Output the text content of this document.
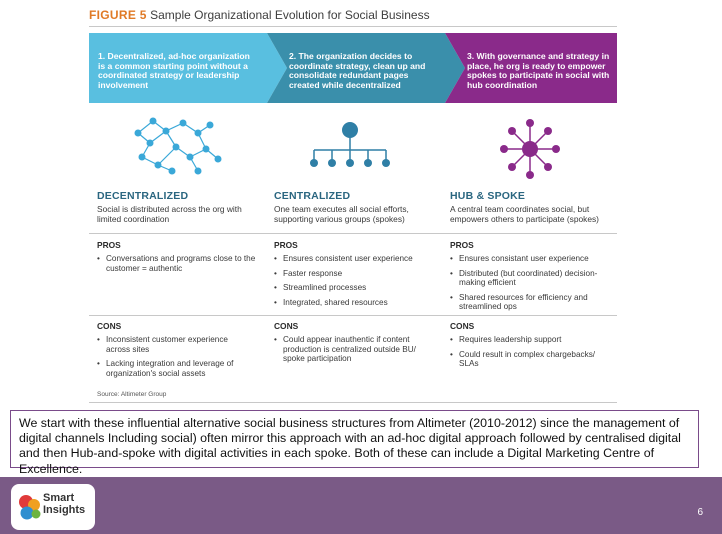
FIGURE 5 Sample Organizational Evolution for Social Business
1. Decentralized, ad-hoc organization is a common starting point without a coordinated strategy or leadership involvement
2. The organization decides to coordinate strategy, clean up and consolidate redundant pages created while decentralized
3. With governance and strategy in place, he org is ready to empower spokes to participate in social with hub coordination
DECENTRALIZED
Social is distributed across the org with limited coordination
CENTRALIZED
One team executes all social efforts, supporting various groups (spokes)
HUB & SPOKE
A central team coordinates social, but empowers others to participate (spokes)
PROS
• Conversations and programs close to the customer = authentic
PROS
• Ensures consistent user experience
• Faster response
• Streamlined processes
• Integrated, shared resources
PROS
• Ensures consistant user experience
• Distributed (but coordinated) decision-making efficient
• Shared resources for efficiency and streamlined ops
CONS
• Inconsistent customer experience across sites
• Lacking integration and leverage of organization's social assets
CONS
• Could appear inauthentic if content production is centralized outside BU/ spoke participation
CONS
• Requires leadership support
• Could result in complex chargebacks/ SLAs
Source: Altimeter Group
We start with these influential alternative social business structures from Altimeter (2010-2012) since the management of digital channels Including social) often mirror this approach with an ad-hoc digital approach followed by centralised digital and then Hub-and-spoke with digital activities in each spoke. Both of these can include a Digital Marketing Centre of Excellence.
Smart
Insights	6
